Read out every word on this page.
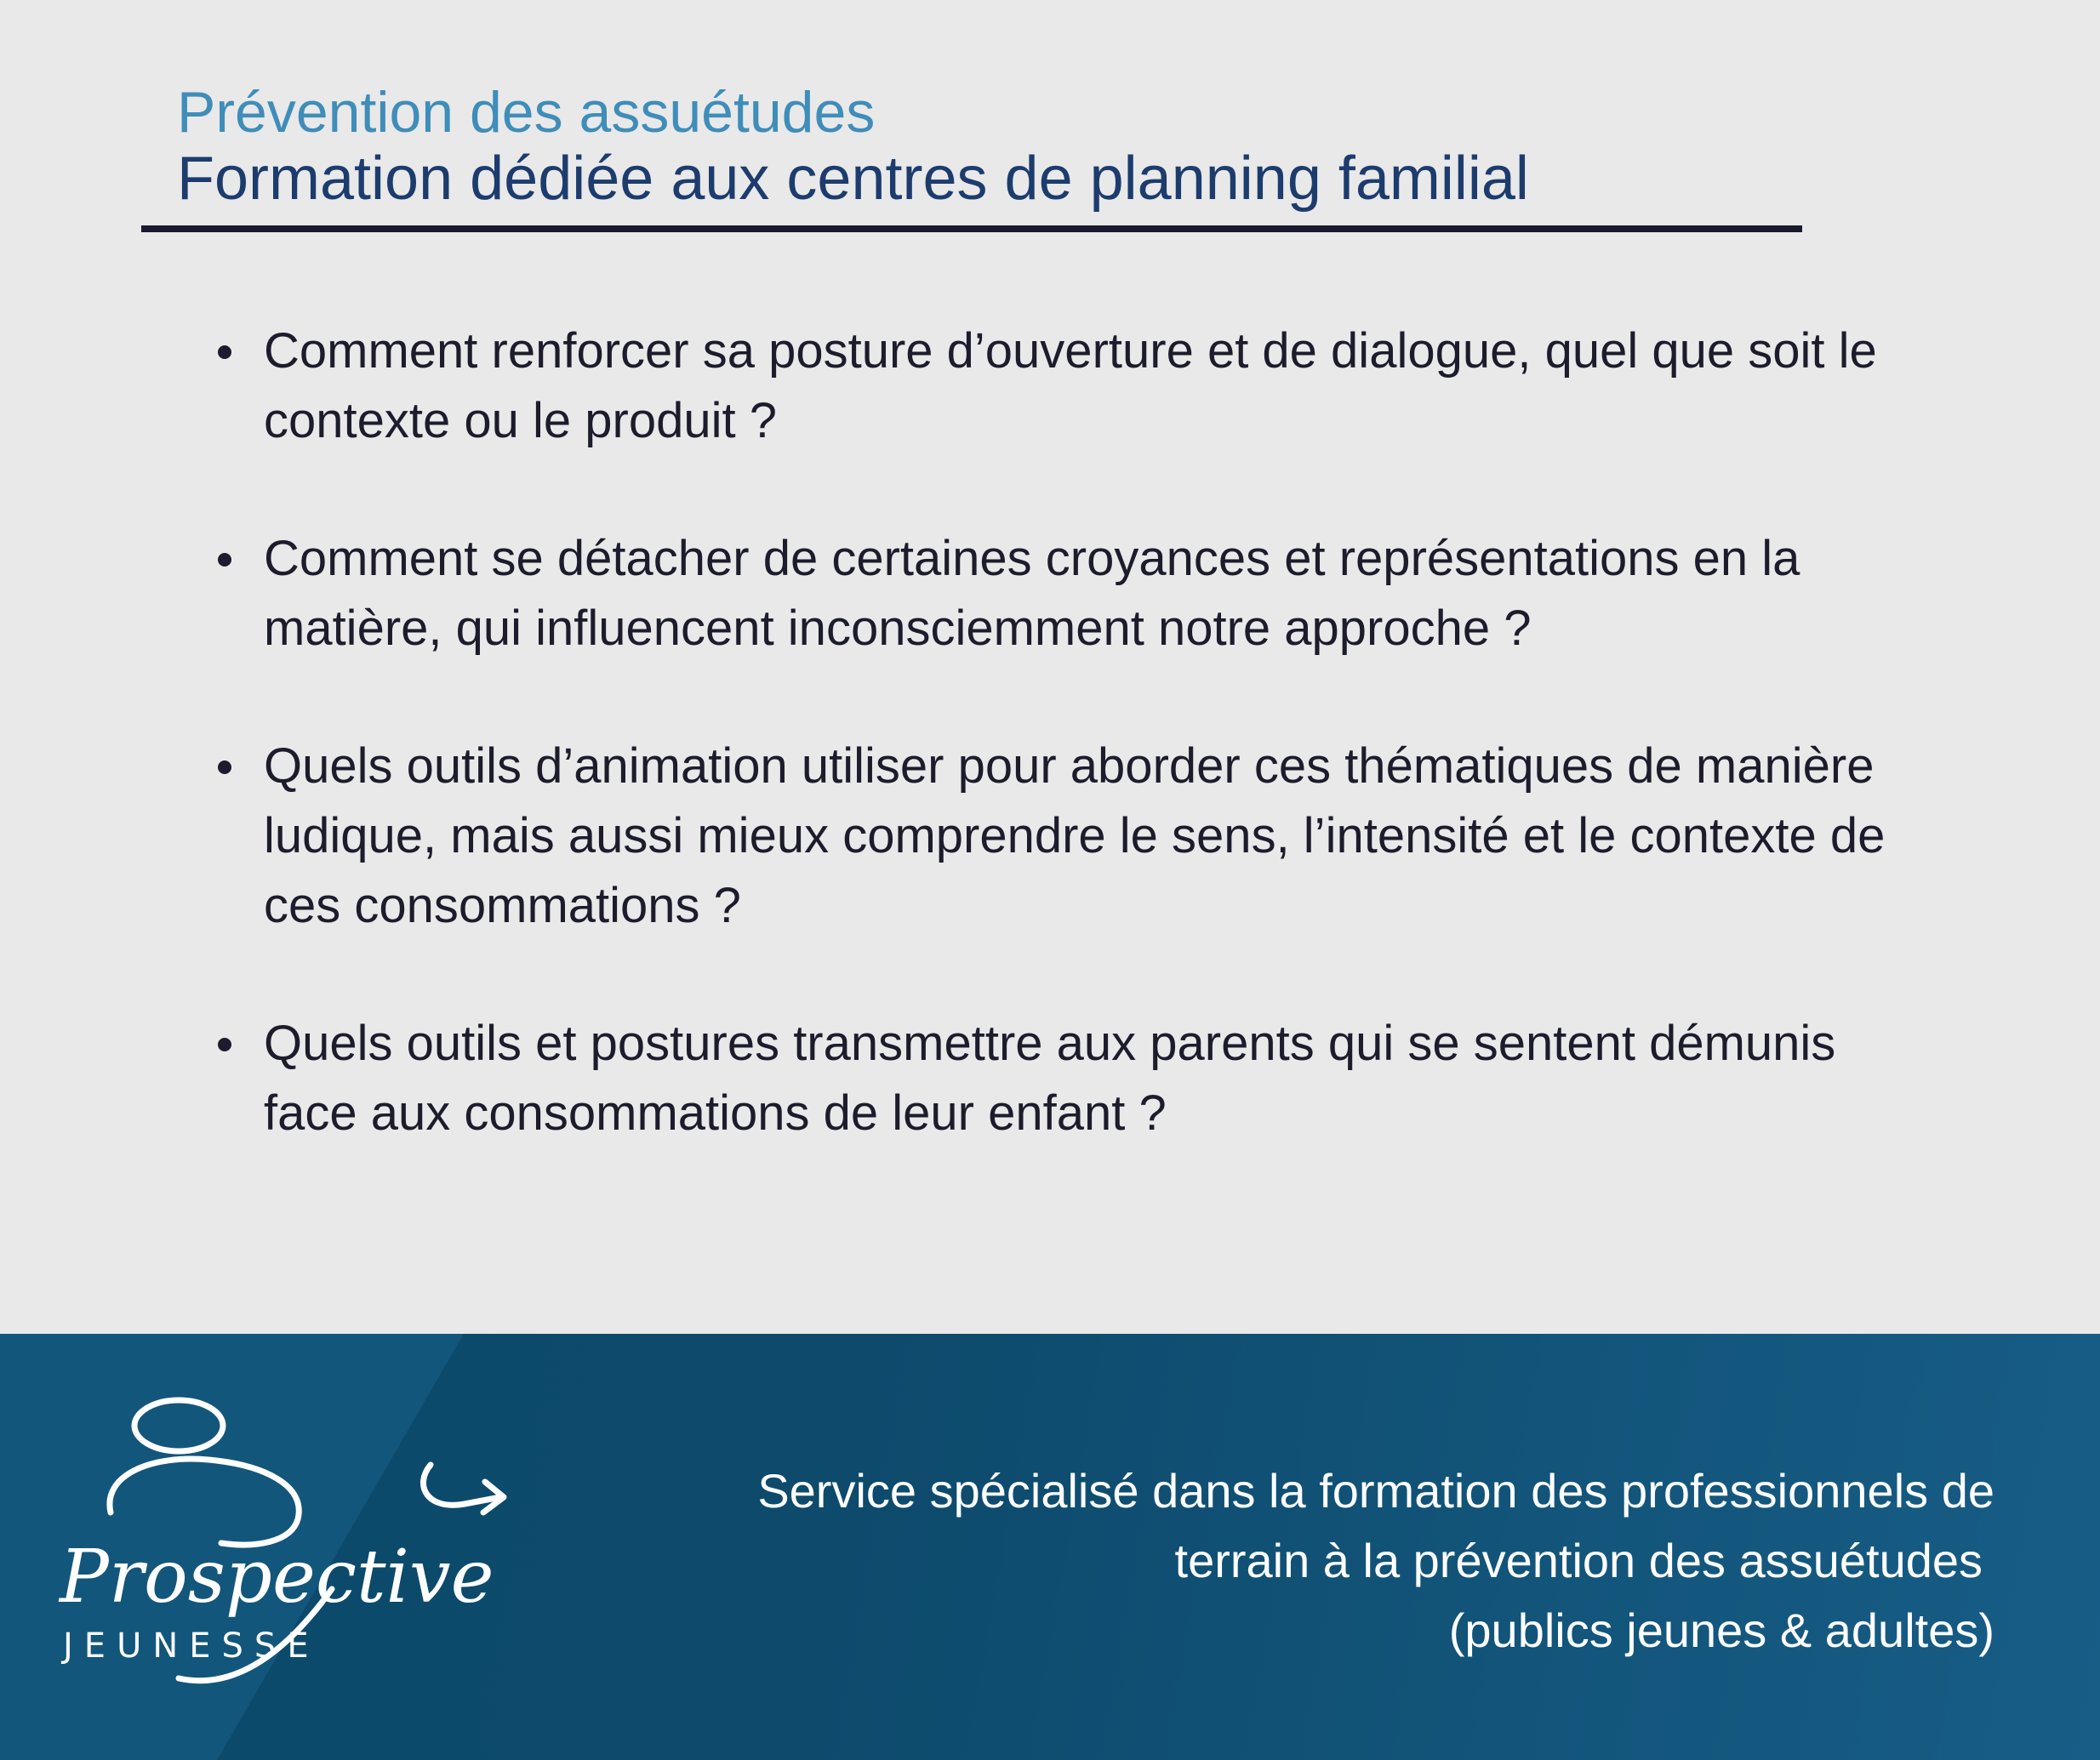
Prévention des assuétudes
Formation dédiée aux centres de planning familial
Comment renforcer sa posture d’ouverture et de dialogue, quel que soit le contexte ou le produit ?
Comment se détacher de certaines croyances et représentations en la matière, qui influencent inconsciemment notre approche ?
Quels outils d’animation utiliser pour aborder ces thématiques de manière ludique, mais aussi mieux comprendre le sens, l’intensité et le contexte de ces consommations ?
Quels outils et postures transmettre aux parents qui se sentent démunis face aux consommations de leur enfant ?
Prospective
JEUNESSE
Service spécialisé dans la formation des professionnels de
terrain à la prévention des assuétudes
(publics jeunes & adultes)
